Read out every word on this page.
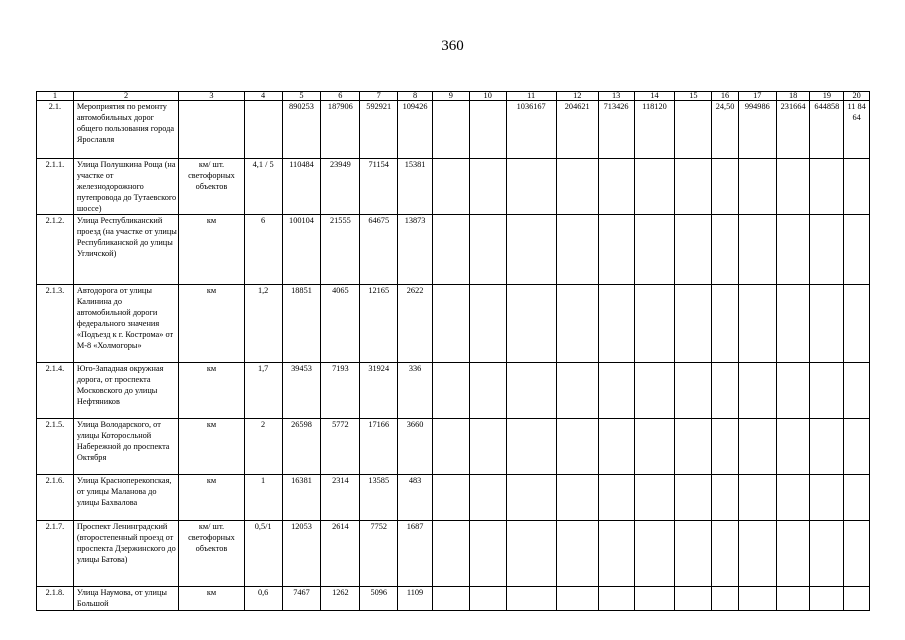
360
1	2	3	4	5	6	7	8	9	10	11	12	13	14	15	16	17	18	19	20
2.1.	Мероприятия по ремонту автомобильных дорог общего пользования города Ярославля			890253	187906	592921	109426			1036167	204621	713426	118120		24,50	994986	231664	644858	11 84 64
2.1.1.	Улица Полушкина Роща (на участке от железнодорожного путепровода до Тутаевского шоссе)	км/ шт. светофорных объектов	4,1 / 5	110484	23949	71154	15381												
2.1.2.	Улица Республиканский проезд (на участке от улицы Республиканской до улицы Угличской)	км	6	100104	21555	64675	13873												
2.1.3.	Автодорога от улицы Калинина до автомобильной дороги федерального значения «Подъезд к г. Кострома» от М-8 «Холмогоры»	км	1,2	18851	4065	12165	2622												
2.1.4.	Юго-Западная окружная дорога, от проспекта Московского до улицы Нефтяников	км	1,7	39453	7193	31924	336												
2.1.5.	Улица Володарского, от улицы Которосльной Набережной до проспекта Октября	км	2	26598	5772	17166	3660												
2.1.6.	Улица Красноперекопская, от улицы Маланова до улицы Бахвалова	км	1	16381	2314	13585	483												
2.1.7.	Проспект Ленинградский (второстепенный проезд от проспекта Дзержинского до улицы Батова)	км/ шт. светофорных объектов	0,5/1	12053	2614	7752	1687												
2.1.8.	Улица Наумова, от улицы Большой	км	0,6	7467	1262	5096	1109												
